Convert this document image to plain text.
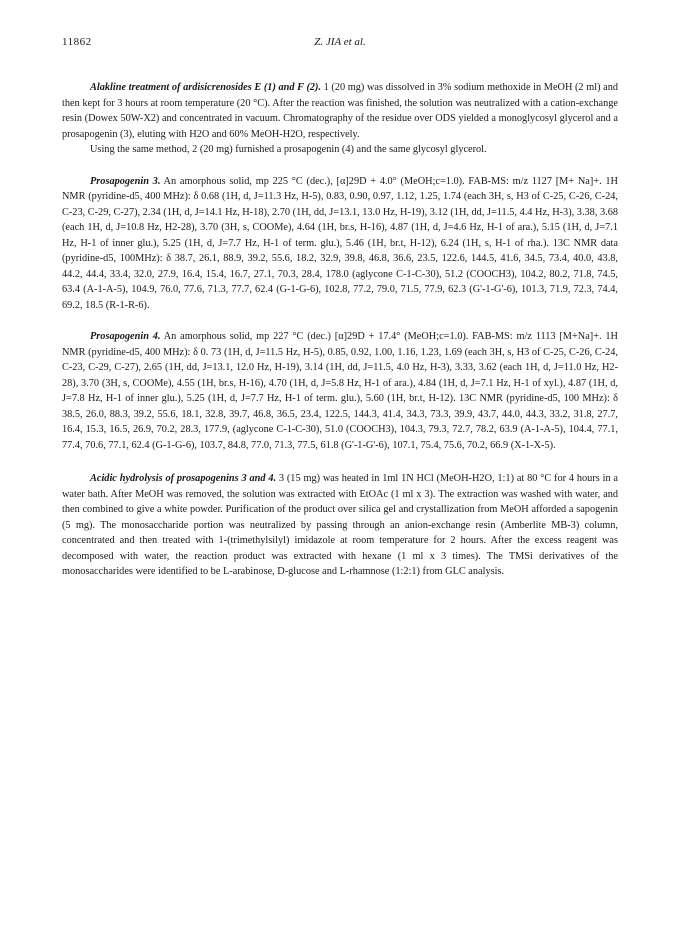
11862	Z. JIA et al.

Alakline treatment of ardisicrenosides E (1) and F (2). 1 (20 mg) was dissolved in 3% sodium methoxide in MeOH (2 ml) and then kept for 3 hours at room temperature (20 °C). After the reaction was finished, the solution was neutralized with a cation-exchange resin (Dowex 50W-X2) and concentrated in vacuum. Chromatography of the residue over ODS yielded a monoglycosyl glycerol and a prosapogenin (3), eluting with H2O and 60% MeOH-H2O, respectively.

Using the same method, 2 (20 mg) furnished a prosapogenin (4) and the same glycosyl glycerol.

Prosapogenin 3. An amorphous solid, mp 225 °C (dec.), [α]29D + 4.0° (MeOH;c=1.0). FAB-MS: m/z 1127 [M+ Na]+. 1H NMR (pyridine-d5, 400 MHz): δ 0.68 (1H, d, J=11.3 Hz, H-5), 0.83, 0.90, 0.97, 1.12, 1.25, 1.74 (each 3H, s, H3 of C-25, C-26, C-24, C-23, C-29, C-27), 2.34 (1H, d, J=14.1 Hz, H-18), 2.70 (1H, dd, J=13.1, 13.0 Hz, H-19), 3.12 (1H, dd, J=11.5, 4.4 Hz, H-3), 3.38, 3.68 (each 1H, d, J=10.8 Hz, H2-28), 3.70 (3H, s, COOMe), 4.64 (1H, br.s, H-16), 4.87 (1H, d, J=4.6 Hz, H-1 of ara.), 5.15 (1H, d, J=7.1 Hz, H-1 of inner glu.), 5.25 (1H, d, J=7.7 Hz, H-1 of term. glu.), 5.46 (1H, br.t, H-12), 6.24 (1H, s, H-1 of rha.). 13C NMR data (pyridine-d5, 100MHz): δ 38.7, 26.1, 88.9, 39.2, 55.6, 18.2, 32.9, 39.8, 46.8, 36.6, 23.5, 122.6, 144.5, 41.6, 34.5, 73.4, 40.0, 43.8, 44.2, 44.4, 33.4, 32.0, 27.9, 16.4, 15.4, 16.7, 27.1, 70.3, 28.4, 178.0 (aglycone C-1-C-30), 51.2 (COOCH3), 104.2, 80.2, 71.8, 74.5, 63.4 (A-1-A-5), 104.9, 76.0, 77.6, 71.3, 77.7, 62.4 (G-1-G-6), 102.8, 77.2, 79.0, 71.5, 77.9, 62.3 (G'-1-G'-6), 101.3, 71.9, 72.3, 74.4, 69.2, 18.5 (R-1-R-6).

Prosapogenin 4. An amorphous solid, mp 227 °C (dec.) [α]29D + 17.4° (MeOH;c=1.0). FAB-MS: m/z 1113 [M+Na]+. 1H NMR (pyridine-d5, 400 MHz): δ 0. 73 (1H, d, J=11.5 Hz, H-5), 0.85, 0.92, 1.00, 1.16, 1.23, 1.69 (each 3H, s, H3 of C-25, C-26, C-24, C-23, C-29, C-27), 2.65 (1H, dd, J=13.1, 12.0 Hz, H-19), 3.14 (1H, dd, J=11.5, 4.0 Hz, H-3), 3.33, 3.62 (each 1H, d, J=11.0 Hz, H2-28), 3.70 (3H, s, COOMe), 4.55 (1H, br.s, H-16), 4.70 (1H, d, J=5.8 Hz, H-1 of ara.), 4.84 (1H, d, J=7.1 Hz, H-1 of xyl.), 4.87 (1H, d, J=7.8 Hz, H-1 of inner glu.), 5.25 (1H, d, J=7.7 Hz, H-1 of term. glu.), 5.60 (1H, br.t, H-12). 13C NMR (pyridine-d5, 100 MHz): δ 38.5, 26.0, 88.3, 39.2, 55.6, 18.1, 32.8, 39.7, 46.8, 36.5, 23.4, 122.5, 144.3, 41.4, 34.3, 73.3, 39.9, 43.7, 44.0, 44.3, 33.2, 31.8, 27.7, 16.4, 15.3, 16.5, 26.9, 70.2, 28.3, 177.9, (aglycone C-1-C-30), 51.0 (COOCH3), 104.3, 79.3, 72.7, 78.2, 63.9 (A-1-A-5), 104.4, 77.1, 77.4, 70.6, 77.1, 62.4 (G-1-G-6), 103.7, 84.8, 77.0, 71.3, 77.5, 61.8 (G'-1-G'-6), 107.1, 75.4, 75.6, 70.2, 66.9 (X-1-X-5).

Acidic hydrolysis of prosapogenins 3 and 4. 3 (15 mg) was heated in 1ml 1N HCl (MeOH-H2O, 1:1) at 80 °C for 4 hours in a water bath. After MeOH was removed, the solution was extracted with EtOAc (1 ml x 3). The extraction was washed with water, and then combined to give a white powder. Purification of the product over silica gel and crystallization from MeOH afforded a sapogenin (5 mg). The monosaccharide portion was neutralized by passing through an anion-exchange resin (Amberlite MB-3) column, concentrated and then treated with 1-(trimethylsilyl) imidazole at room temperature for 2 hours. After the excess reagent was decomposed with water, the reaction product was extracted with hexane (1 ml x 3 times). The TMSi derivatives of the monosaccharides were identified to be L-arabinose, D-glucose and L-rhamnose (1:2:1) from GLC analysis.
